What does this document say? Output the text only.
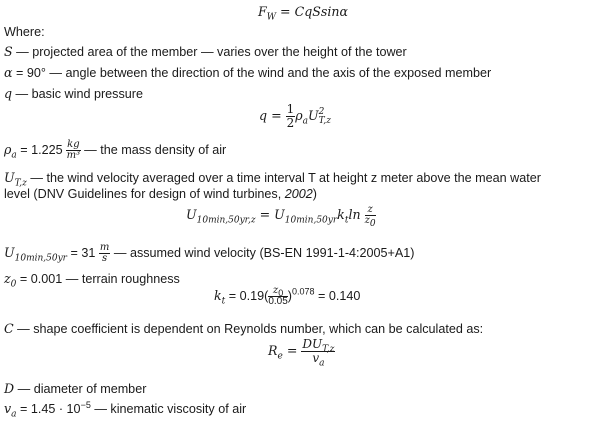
$F_W = CqSsin\alpha$
Where:
S — projected area of the member — varies over the height of the tower
α = 90° — angle between the direction of the wind and the axis of the exposed member
q — basic wind pressure
$q = \frac{1}{2} \rho_aU$ 2
T,z
$\rho_a = 1.225 \frac{kg}{\text{m³}}$ — the mass density of air
$U_{T,z}$ — the wind velocity averaged over a time interval T at height z meter above the mean water
level (DNV Guidelines for design of wind turbines, 2002)
$U_{10min,50yr,z} = U_{10min,50yr}k_t\ln \frac{z}{z_0}$
$U_{10min,50yr} = 31 \frac{m}{s}$ — assumed wind velocity (BS-EN 1991-1-4:2005+A1)
$z_0 = 0.001$ — terrain roughness
$k_t = 0.19( \frac{z_0}{0.05} )^{0.078} = 0.140$
C — shape coefficient is dependent on Reynolds number, which can be calculated as:
$R_e = \frac{DU_{T,z}}{v_a}$
D — diameter of member
$v_a = 1.45 \cdot 10^{-5}$ — kinematic viscosity of air
